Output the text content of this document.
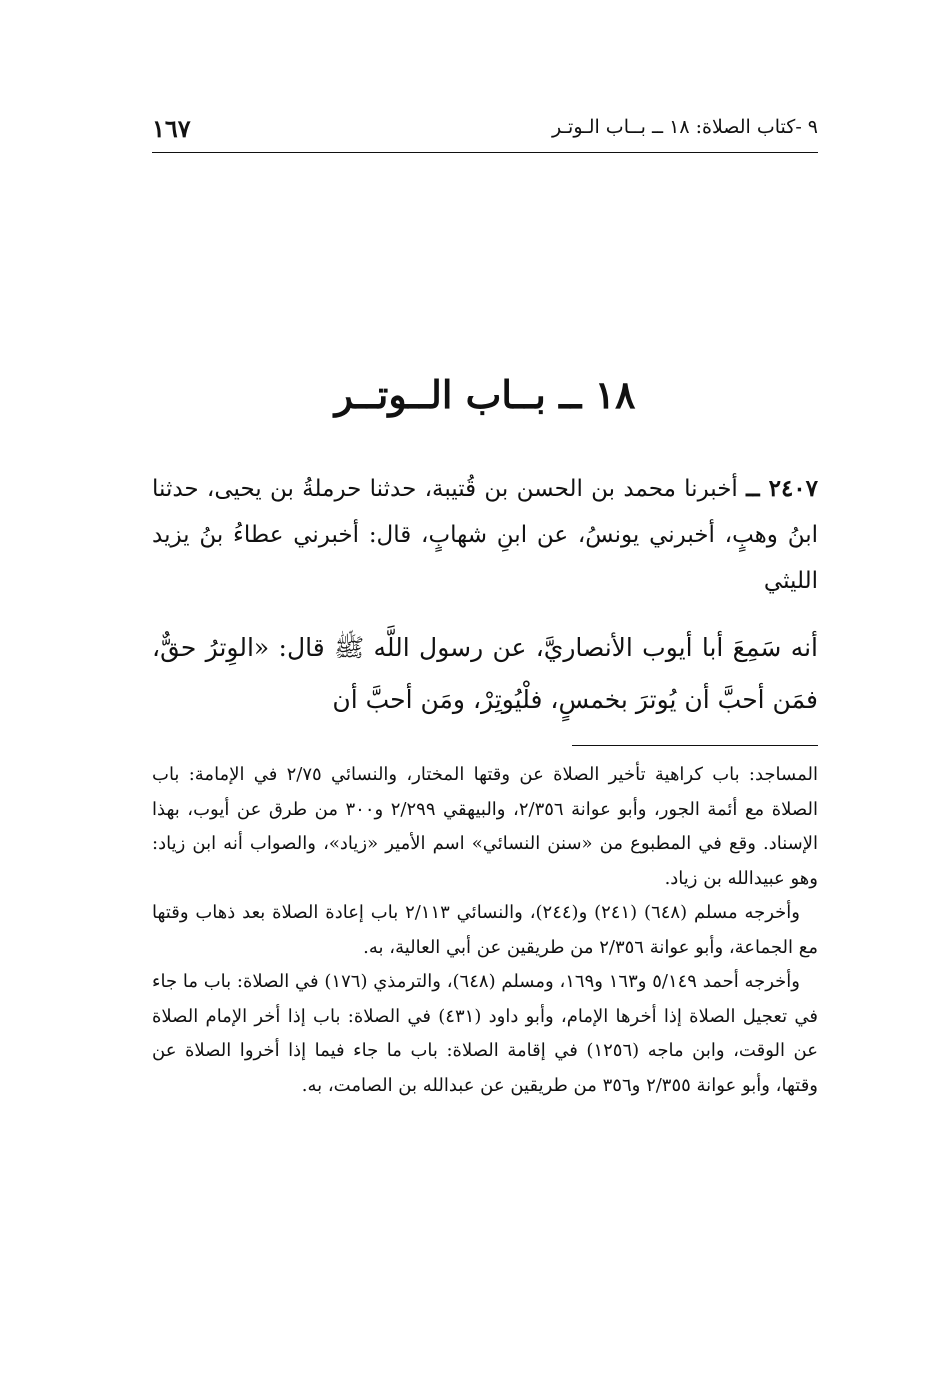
٩ -كتاب الصلاة: ١٨ ــ بــاب الـوتـر
١٦٧
١٨ ــ بــاب الــوتــر
٢٤٠٧ ــ أخبرنا محمد بن الحسن بن قُتيبة، حدثنا حرملةُ بن يحيى، حدثنا ابنُ وهبٍ، أخبرني يونسُ، عن ابنِ شهابٍ، قال: أخبرني عطاءُ بنُ يزيد الليثي
أنه سَمِعَ أبا أيوب الأنصاريَّ، عن رسول اللَّه ﷺ قال: «الوِترُ حقٌّ، فمَن أحبَّ أن يُوترَ بخمسٍ، فلْيُوتِرْ، ومَن أحبَّ أن

المساجد: باب كراهية تأخير الصلاة عن وقتها المختار، والنسائي ٢/٧٥ في الإمامة: باب الصلاة مع أئمة الجور، وأبو عوانة ٢/٣٥٦، والبيهقي ٢/٢٩٩ و٣٠٠ من طرق عن أيوب، بهذا الإسناد. وقع في المطبوع من «سنن النسائي» اسم الأمير «زياد»، والصواب أنه ابن زياد: وهو عبيدالله بن زياد.

وأخرجه مسلم (٦٤٨) (٢٤١) و(٢٤٤)، والنسائي ٢/١١٣ باب إعادة الصلاة بعد ذهاب وقتها مع الجماعة، وأبو عوانة ٢/٣٥٦ من طريقين عن أبي العالية، به.

وأخرجه أحمد ٥/١٤٩ و١٦٣ و١٦٩، ومسلم (٦٤٨)، والترمذي (١٧٦) في الصلاة: باب ما جاء في تعجيل الصلاة إذا أخرها الإمام، وأبو داود (٤٣١) في الصلاة: باب إذا أخر الإمام الصلاة عن الوقت، وابن ماجه (١٢٥٦) في إقامة الصلاة: باب ما جاء فيما إذا أخروا الصلاة عن وقتها، وأبو عوانة ٢/٣٥٥ و٣٥٦ من طريقين عن عبدالله بن الصامت، به.
